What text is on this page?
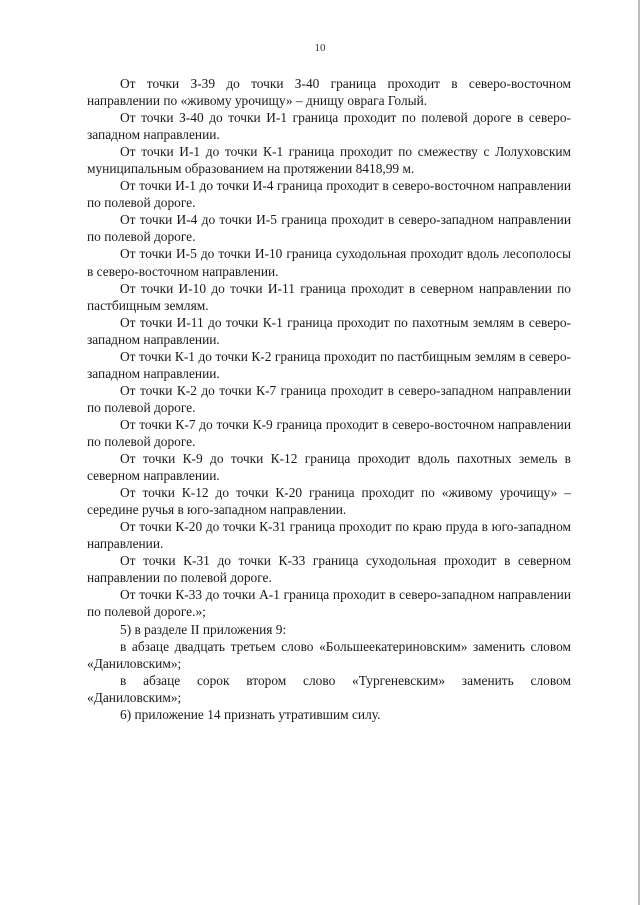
10

От точки З-39 до точки З-40 граница проходит в северо-восточном направлении по «живому урочищу» – днищу оврага Голый.

От точки З-40 до точки И-1 граница проходит по полевой дороге в северо-западном направлении.

От точки И-1 до точки К-1 граница проходит по смежеству с Лолуховским муниципальным образованием на протяжении 8418,99 м.

От точки И-1 до точки И-4 граница проходит в северо-восточном направлении по полевой дороге.

От точки И-4 до точки И-5 граница проходит в северо-западном направлении по полевой дороге.

От точки И-5 до точки И-10 граница суходольная проходит вдоль лесополосы в северо-восточном направлении.

От точки И-10 до точки И-11 граница проходит в северном направлении по пастбищным землям.

От точки И-11 до точки К-1 граница проходит по пахотным землям в северо-западном направлении.

От точки К-1 до точки К-2 граница проходит по пастбищным землям в северо-западном направлении.

От точки К-2 до точки К-7 граница проходит в северо-западном направлении по полевой дороге.

От точки К-7 до точки К-9 граница проходит в северо-восточном направлении по полевой дороге.

От точки К-9 до точки К-12 граница проходит вдоль пахотных земель в северном направлении.

От точки К-12 до точки К-20 граница проходит по «живому урочищу» – середине ручья в юго-западном направлении.

От точки К-20 до точки К-31 граница проходит по краю пруда в юго-западном направлении.

От точки К-31 до точки К-33 граница суходольная проходит в северном направлении по полевой дороге.

От точки К-33 до точки А-1 граница проходит в северо-западном направлении по полевой дороге.»;

5) в разделе II приложения 9:

в абзаце двадцать третьем слово «Большеекатериновским» заменить словом «Даниловским»;

в абзаце сорок втором слово «Тургеневским» заменить словом «Даниловским»;

6) приложение 14 признать утратившим силу.
